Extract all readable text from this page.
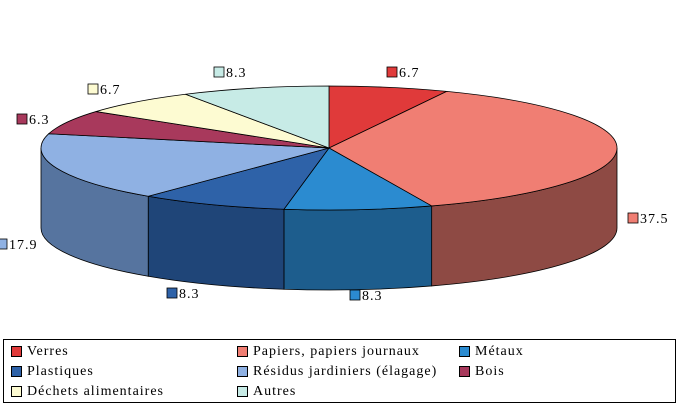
6.7
37.5
8.3
8.3
17.9
6.3
6.7
8.3
Verres	Papiers, papiers journaux	Métaux
Plastiques	Résidus jardiniers (élagage)	Bois
Déchets alimentaires	Autres
